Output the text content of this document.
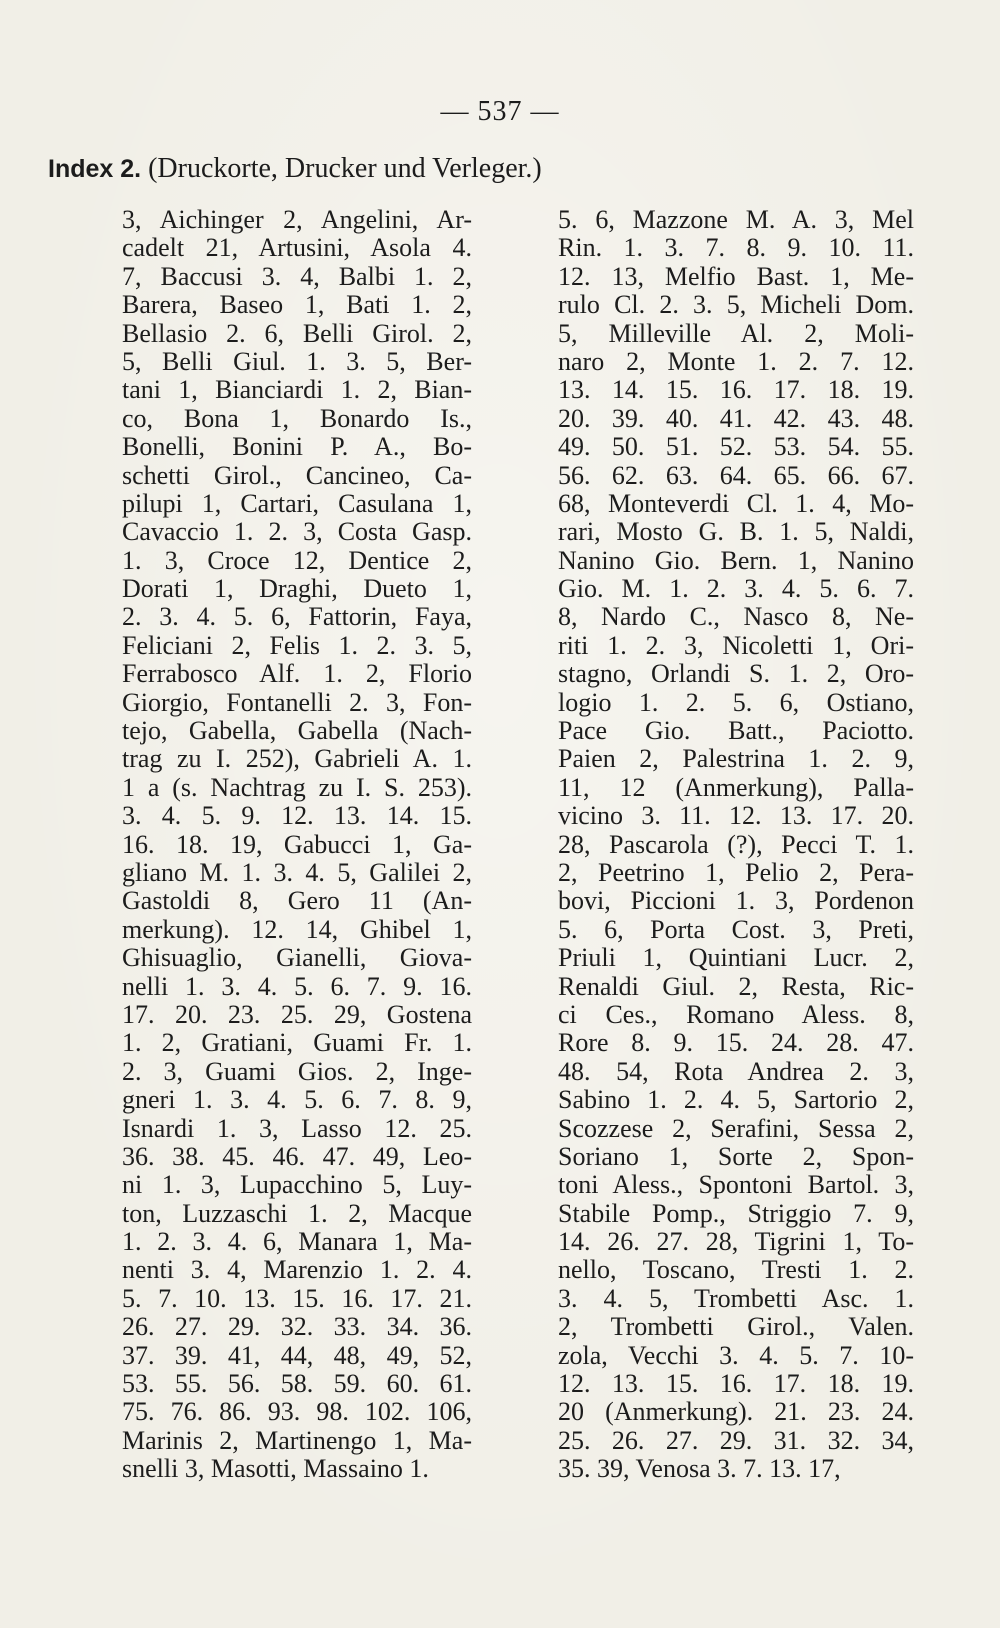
— 537 —
Index 2. (Druckorte, Drucker und Verleger.)
3, Aichinger 2, Angelini, Ar-
cadelt 21, Artusini, Asola 4.
7, Baccusi 3. 4, Balbi 1. 2,
Barera, Baseo 1, Bati 1. 2,
Bellasio 2. 6, Belli Girol. 2,
5, Belli Giul. 1. 3. 5, Ber-
tani 1, Bianciardi 1. 2, Bian-
co, Bona 1, Bonardo Is.,
Bonelli, Bonini P. A., Bo-
schetti Girol., Cancineo, Ca-
pilupi 1, Cartari, Casulana 1,
Cavaccio 1. 2. 3, Costa Gasp.
1. 3, Croce 12, Dentice 2,
Dorati 1, Draghi, Dueto 1,
2. 3. 4. 5. 6, Fattorin, Faya,
Feliciani 2, Felis 1. 2. 3. 5,
Ferrabosco Alf. 1. 2, Florio
Giorgio, Fontanelli 2. 3, Fon-
tejo, Gabella, Gabella (Nach-
trag zu I. 252), Gabrieli A. 1.
1 a (s. Nachtrag zu I. S. 253).
3. 4. 5. 9. 12. 13. 14. 15.
16. 18. 19, Gabucci 1, Ga-
gliano M. 1. 3. 4. 5, Galilei 2,
Gastoldi 8, Gero 11 (An-
merkung). 12. 14, Ghibel 1,
Ghisuaglio, Gianelli, Giova-
nelli 1. 3. 4. 5. 6. 7. 9. 16.
17. 20. 23. 25. 29, Gostena
1. 2, Gratiani, Guami Fr. 1.
2. 3, Guami Gios. 2, Inge-
gneri 1. 3. 4. 5. 6. 7. 8. 9,
Isnardi 1. 3, Lasso 12. 25.
36. 38. 45. 46. 47. 49, Leo-
ni 1. 3, Lupacchino 5, Luy-
ton, Luzzaschi 1. 2, Macque
1. 2. 3. 4. 6, Manara 1, Ma-
nenti 3. 4, Marenzio 1. 2. 4.
5. 7. 10. 13. 15. 16. 17. 21.
26. 27. 29. 32. 33. 34. 36.
37. 39. 41, 44, 48, 49, 52,
53. 55. 56. 58. 59. 60. 61.
75. 76. 86. 93. 98. 102. 106,
Marinis 2, Martinengo 1, Ma-
snelli 3, Masotti, Massaino 1.
5. 6, Mazzone M. A. 3, Mel
Rin. 1. 3. 7. 8. 9. 10. 11.
12. 13, Melfio Bast. 1, Me-
rulo Cl. 2. 3. 5, Micheli Dom.
5, Milleville Al. 2, Moli-
naro 2, Monte 1. 2. 7. 12.
13. 14. 15. 16. 17. 18. 19.
20. 39. 40. 41. 42. 43. 48.
49. 50. 51. 52. 53. 54. 55.
56. 62. 63. 64. 65. 66. 67.
68, Monteverdi Cl. 1. 4, Mo-
rari, Mosto G. B. 1. 5, Naldi,
Nanino Gio. Bern. 1, Nanino
Gio. M. 1. 2. 3. 4. 5. 6. 7.
8, Nardo C., Nasco 8, Ne-
riti 1. 2. 3, Nicoletti 1, Ori-
stagno, Orlandi S. 1. 2, Oro-
logio 1. 2. 5. 6, Ostiano,
Pace Gio. Batt., Paciotto.
Paien 2, Palestrina 1. 2. 9,
11, 12 (Anmerkung), Palla-
vicino 3. 11. 12. 13. 17. 20.
28, Pascarola (?), Pecci T. 1.
2, Peetrino 1, Pelio 2, Pera-
bovi, Piccioni 1. 3, Pordenon
5. 6, Porta Cost. 3, Preti,
Priuli 1, Quintiani Lucr. 2,
Renaldi Giul. 2, Resta, Ric-
ci Ces., Romano Aless. 8,
Rore 8. 9. 15. 24. 28. 47.
48. 54, Rota Andrea 2. 3,
Sabino 1. 2. 4. 5, Sartorio 2,
Scozzese 2, Serafini, Sessa 2,
Soriano 1, Sorte 2, Spon-
toni Aless., Spontoni Bartol. 3,
Stabile Pomp., Striggio 7. 9,
14. 26. 27. 28, Tigrini 1, To-
nello, Toscano, Tresti 1. 2.
3. 4. 5, Trombetti Asc. 1.
2, Trombetti Girol., Valen.
zola, Vecchi 3. 4. 5. 7. 10-
12. 13. 15. 16. 17. 18. 19.
20 (Anmerkung). 21. 23. 24.
25. 26. 27. 29. 31. 32. 34,
35. 39, Venosa 3. 7. 13. 17,
